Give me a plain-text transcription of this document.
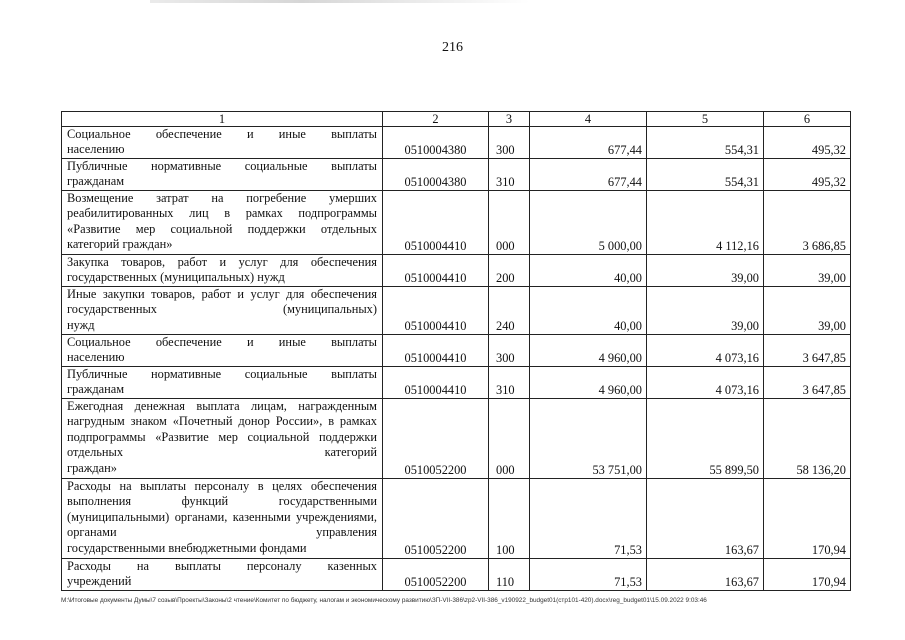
216
1	2	3	4	5	6
Социальное обеспечение и иные выплаты
населению	0510004380	300	677,44	554,31	495,32
Публичные нормативные социальные выплаты
гражданам	0510004380	310	677,44	554,31	495,32
Возмещение затрат на погребение умерших реабилитированных лиц в рамках подпрограммы «Развитие мер социальной поддержки отдельных
категорий граждан»	0510004410	000	5 000,00	4 112,16	3 686,85
Закупка товаров, работ и услуг для обеспечения
государственных (муниципальных) нужд	0510004410	200	40,00	39,00	39,00
Иные закупки товаров, работ и услуг для обеспечения государственных (муниципальных)
нужд	0510004410	240	40,00	39,00	39,00
Социальное обеспечение и иные выплаты
населению	0510004410	300	4 960,00	4 073,16	3 647,85
Публичные нормативные социальные выплаты
гражданам	0510004410	310	4 960,00	4 073,16	3 647,85
Ежегодная денежная выплата лицам, награжденным нагрудным знаком «Почетный донор России», в рамках подпрограммы «Развитие мер социальной поддержки отдельных категорий
граждан»	0510052200	000	53 751,00	55 899,50	58 136,20
Расходы на выплаты персоналу в целях обеспечения выполнения функций государственными (муниципальными) органами, казенными учреждениями, органами управления
государственными внебюджетными фондами	0510052200	100	71,53	163,67	170,94
Расходы на выплаты персоналу казенных
учреждений	0510052200	110	71,53	163,67	170,94
M:\Итоговые документы Думы\7 созыв\Проекты\Законы\2 чтение\Комитет по бюджету, налогам и экономическому развитию\ЗП-VII-386\zp2-VII-386_v190922_budget01(стр101-420).docx\reg_budget01\15.09.2022 9:03:46
